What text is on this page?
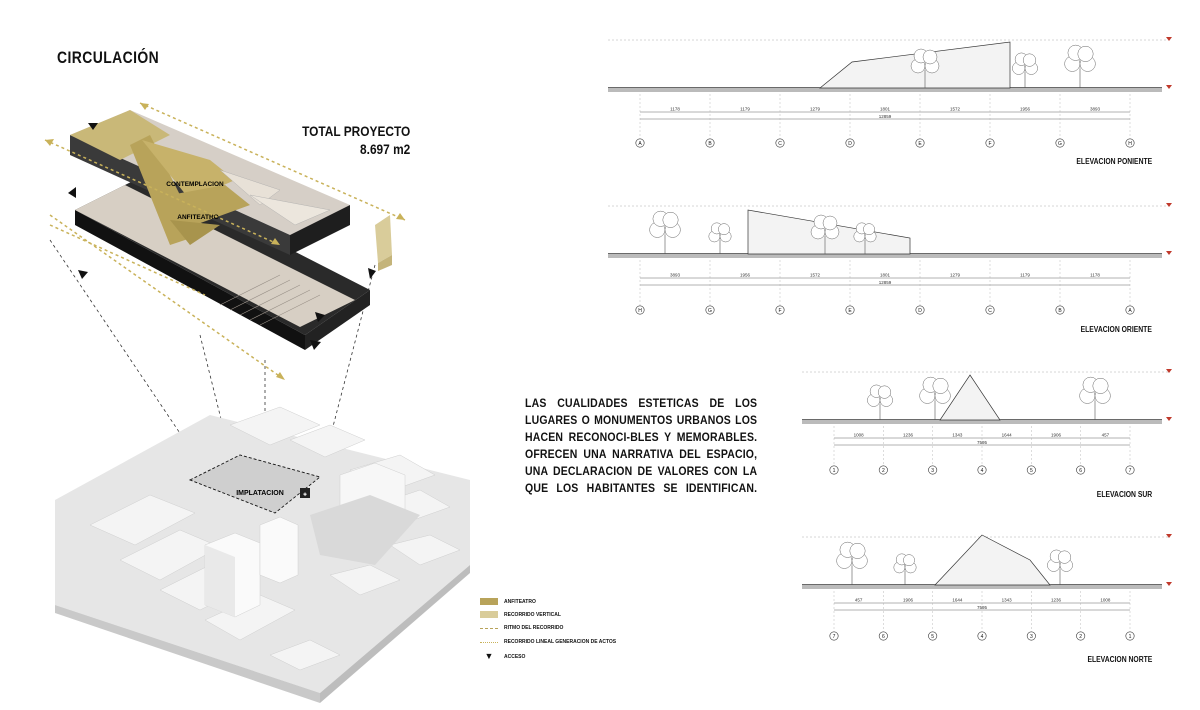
CIRCULACIÓN
TOTAL PROYECTO
8.697 m2
◈
IMPLATACION
CONTEMPLACION
ANFITEATRO
ANFITEATRO
RECORRIDO VERTICAL
RITMO DEL RECORRIDO
RECORRIDO LINEAL GENERACION DE ACTOS
▼	ACCESO
LAS CUALIDADES ESTETICAS DE LOS LUGARES O MONUMENTOS URBANOS LOS HACEN RECONOCI-BLES Y MEMORABLES. OFRECEN UNA NARRATIVA DEL ESPACIO, UNA DECLARACION DE VALORES CON LA QUE LOS HABITANTES SE IDENTIFICAN.
A	B	C	D	E	F	G	H
1178	1179	1279	1801	1572	1956	3893
12859
H	G	F	E	D	C	B	A
3893	1956	1572	1801	1279	1179	1178
12859
1	2	3	4	5	6	7
1008	1236	1343	1644	1906	457
7595
7	6	5	4	3	2	1
457	1906	1644	1343	1236	1008
7595
ELEVACION PONIENTE
ELEVACION ORIENTE
ELEVACION SUR
ELEVACION NORTE
